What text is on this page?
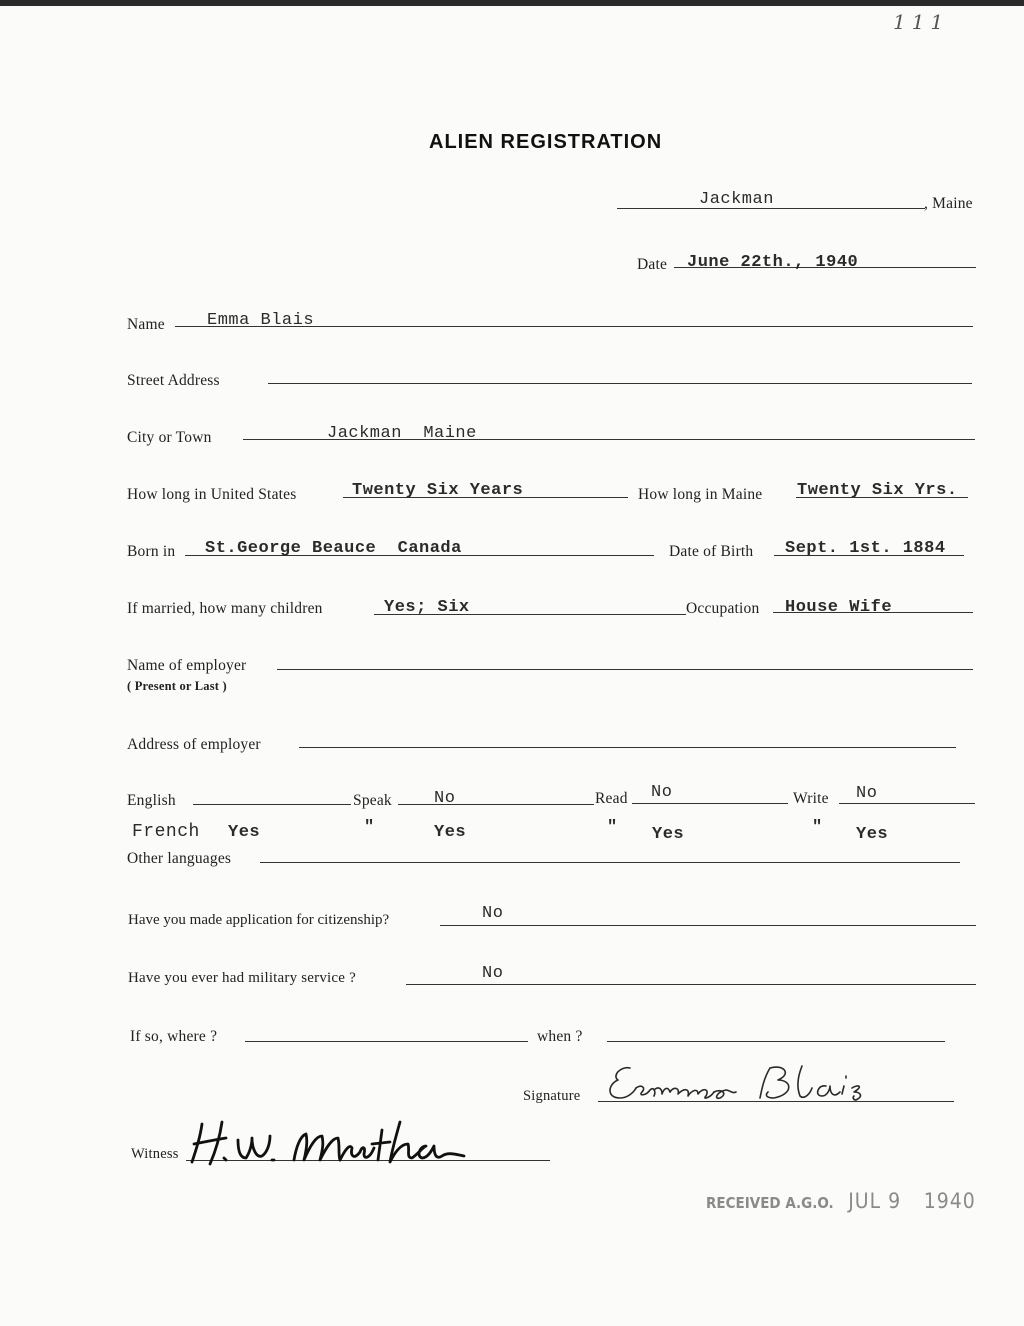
111
ALIEN REGISTRATION
Jackman	, Maine
Date June 22th., 1940
Name Emma Blais
Street Address
City or Town	Jackman  Maine
How long in United States	Twenty Six Years	How long in Maine Twenty Six Yrs.
Born in St.George Beauce  Canada	Date of Birth Sept. 1st. 1884
If married, how many children	Yes; Six	Occupation House Wife
Name of employer
( Present or Last )
Address of employer
English	Speak No	Read No	Write No
French Yes	"	Yes	" Yes	" Yes
Other languages
Have you made application for citizenship?	No
Have you ever had military service ?	No
If so, where ?	when ?
Signature
Emma Blais
Witness
H.W. Murtha
RECEIVED A.G.O. JUL 9 1940
